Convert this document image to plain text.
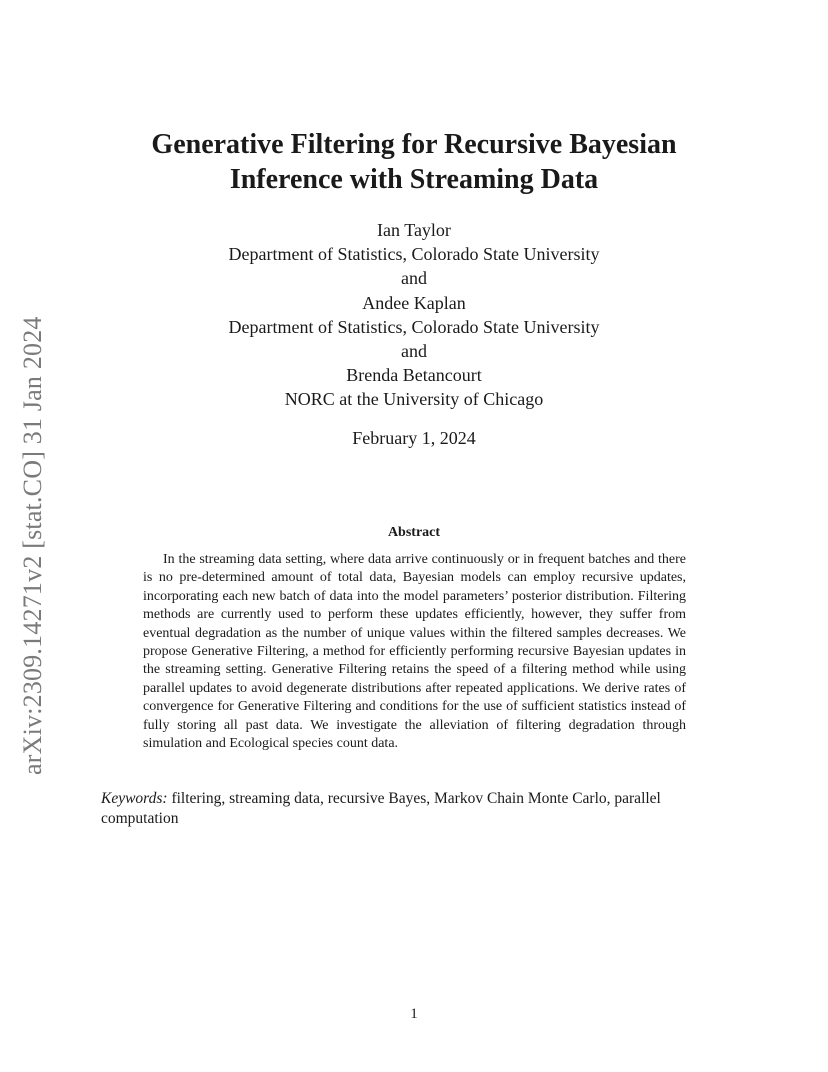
arXiv:2309.14271v2 [stat.CO] 31 Jan 2024
Generative Filtering for Recursive Bayesian
Inference with Streaming Data
Ian Taylor
Department of Statistics, Colorado State University
and
Andee Kaplan
Department of Statistics, Colorado State University
and
Brenda Betancourt
NORC at the University of Chicago
February 1, 2024
Abstract
In the streaming data setting, where data arrive continuously or in frequent batches and there is no pre-determined amount of total data, Bayesian models can employ recursive updates, incorporating each new batch of data into the model parameters’ posterior distribution. Filtering methods are currently used to perform these updates efficiently, however, they suffer from eventual degradation as the number of unique values within the filtered samples decreases. We propose Generative Filtering, a method for efficiently performing recursive Bayesian updates in the streaming setting. Generative Filtering retains the speed of a filtering method while using parallel updates to avoid degenerate distributions after repeated applications. We derive rates of convergence for Generative Filtering and conditions for the use of sufficient statistics instead of fully storing all past data. We investigate the alleviation of filtering degradation through simulation and Ecological species count data.
Keywords: filtering, streaming data, recursive Bayes, Markov Chain Monte Carlo, parallel computation
1
